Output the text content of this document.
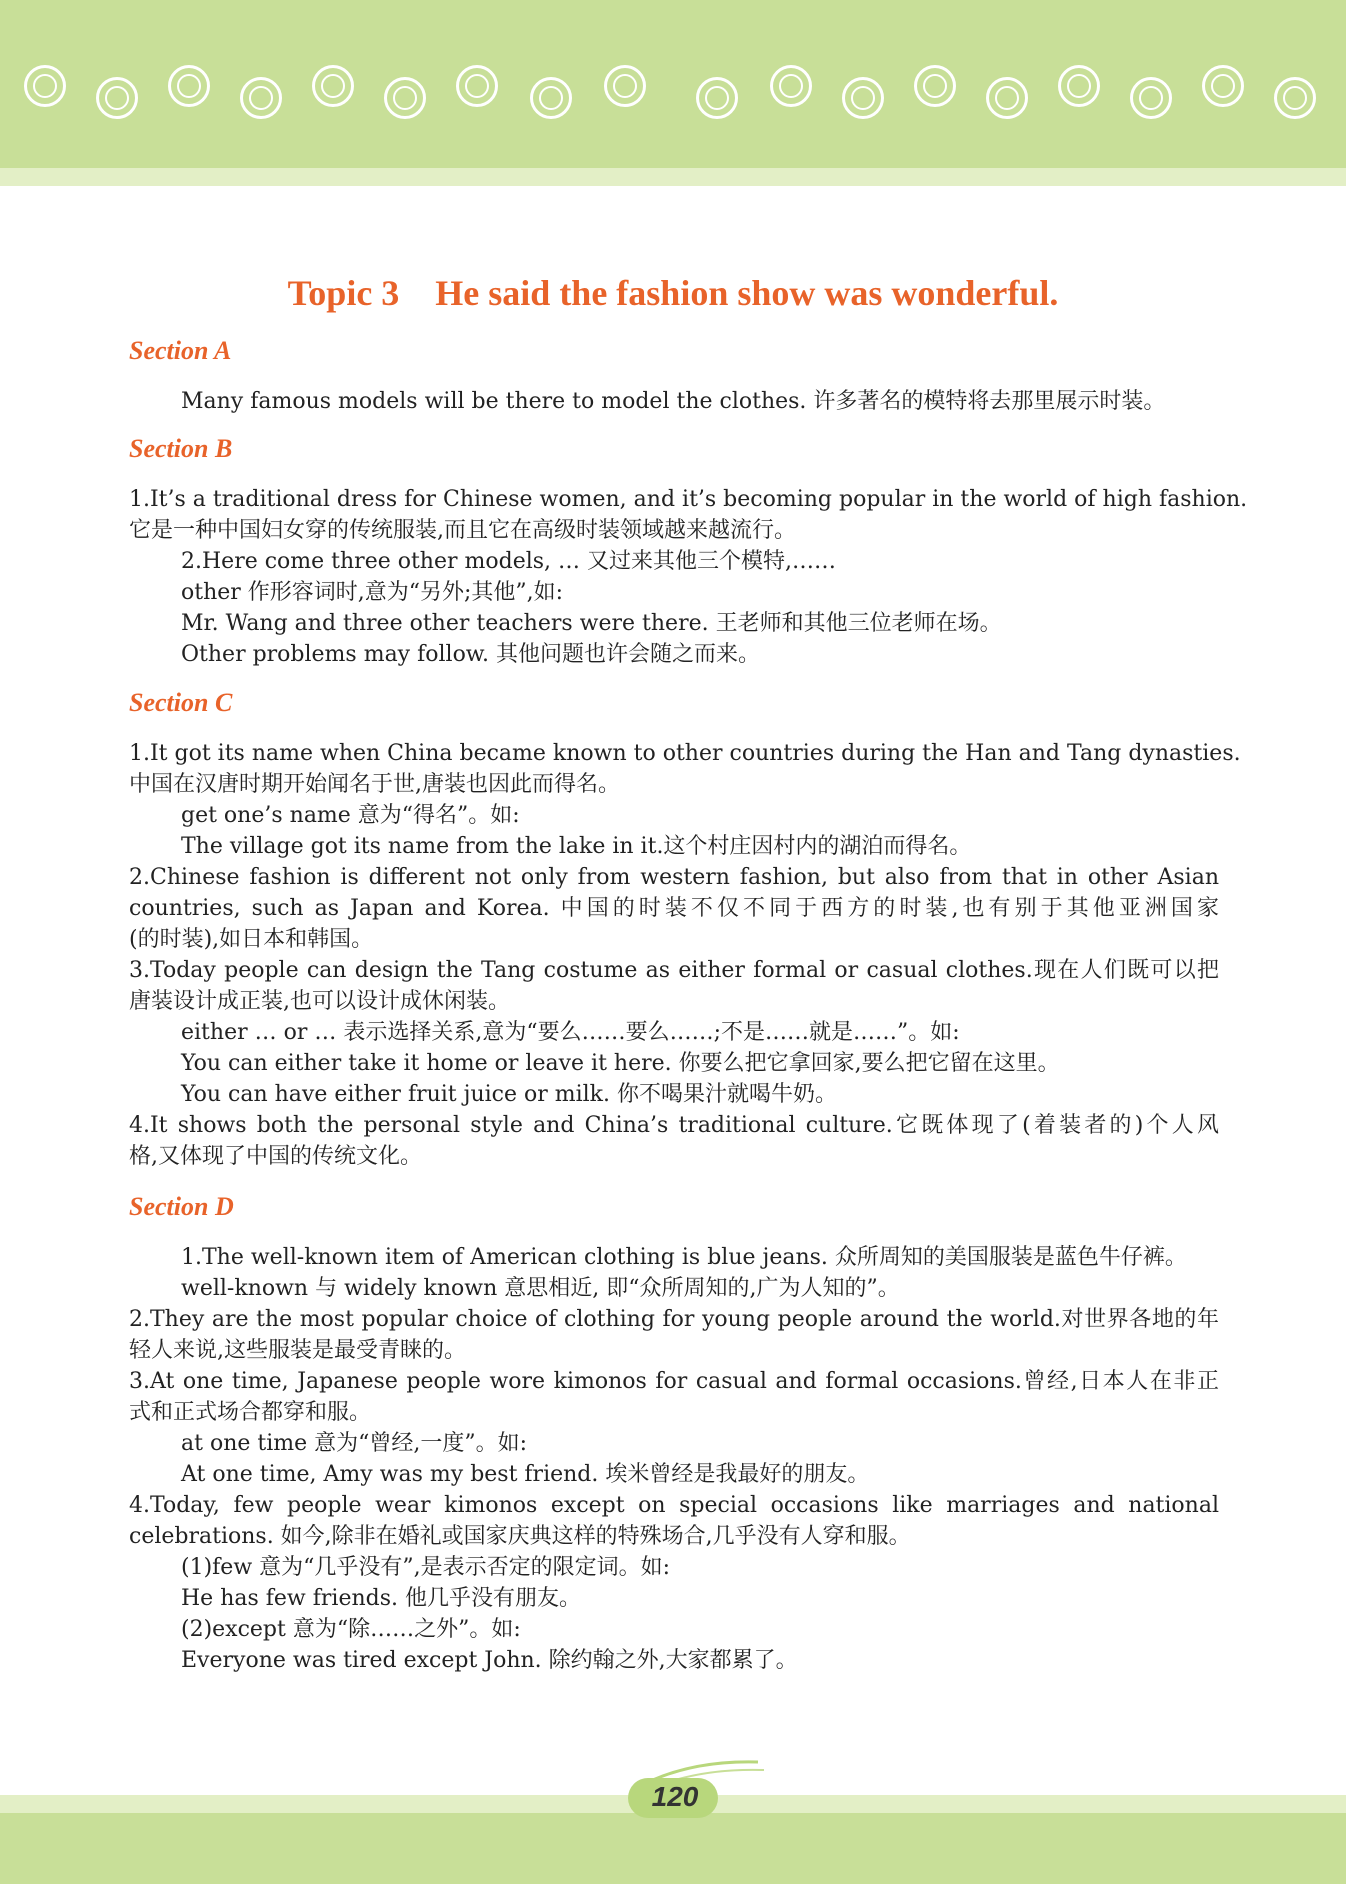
Topic 3    He said the fashion show was wonderful.
Section A

Many famous models will be there to model the clothes. 许多著名的模特将去那里展示时装。

Section B

1.It’s a traditional dress for Chinese women, and it’s becoming popular in the world of high fashion.

它是一种中国妇女穿的传统服装,而且它在高级时装领域越来越流行。

2.Here come three other models, … 又过来其他三个模特,……

other 作形容词时,意为“另外;其他”,如:

Mr. Wang and three other teachers were there. 王老师和其他三位老师在场。

Other problems may follow. 其他问题也许会随之而来。

Section C

1.It got its name when China became known to other countries during the Han and Tang dynasties.

中国在汉唐时期开始闻名于世,唐装也因此而得名。

get one’s name 意为“得名”。如:

The village got its name from the lake in it.这个村庄因村内的湖泊而得名。

2.Chinese fashion is different not only from western fashion, but also from that in other Asian

countries, such as Japan and Korea. 中国的时装不仅不同于西方的时装,也有别于其他亚洲国家

(的时装),如日本和韩国。

3.Today people can design the Tang costume as either formal or casual clothes.现在人们既可以把

唐装设计成正装,也可以设计成休闲装。

either … or … 表示选择关系,意为“要么……要么……;不是……就是……”。如:

You can either take it home or leave it here. 你要么把它拿回家,要么把它留在这里。

You can have either fruit juice or milk. 你不喝果汁就喝牛奶。

4.It shows both the personal style and China’s traditional culture.它既体现了(着装者的)个人风

格,又体现了中国的传统文化。

Section D

1.The well-known item of American clothing is blue jeans. 众所周知的美国服装是蓝色牛仔裤。

well-known 与 widely known 意思相近, 即“众所周知的,广为人知的”。

2.They are the most popular choice of clothing for young people around the world.对世界各地的年

轻人来说,这些服装是最受青睐的。

3.At one time, Japanese people wore kimonos for casual and formal occasions.曾经,日本人在非正

式和正式场合都穿和服。

at one time 意为“曾经,一度”。如:

At one time, Amy was my best friend. 埃米曾经是我最好的朋友。

4.Today, few people wear kimonos except on special occasions like marriages and national

celebrations. 如今,除非在婚礼或国家庆典这样的特殊场合,几乎没有人穿和服。

(1)few 意为“几乎没有”,是表示否定的限定词。如:

He has few friends. 他几乎没有朋友。

(2)except 意为“除……之外”。如:

Everyone was tired except John. 除约翰之外,大家都累了。

120
